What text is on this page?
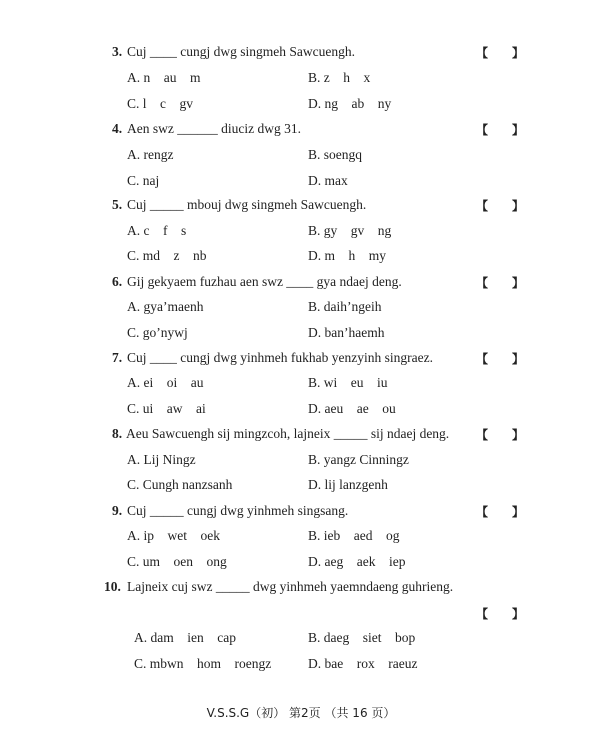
3. Cuj ____ cungj dwg singmeh Sawcuengh.	【　　】
A. n    au    m	B. z    h    x
C. l    c    gv	D. ng    ab    ny
4. Aen swz ______ diuciz dwg 31.	【　　】
A. rengz	B. soengq
C. naj	D. max
5. Cuj _____ mbouj dwg singmeh Sawcuengh.	【　　】
A. c    f    s	B. gy    gv    ng
C. md    z    nb	D. m    h    my
6. Gij gekyaem fuzhau aen swz ____ gya ndaej deng.	【　　】
A. gya’maenh	B. daih’ngeih
C. go’nywj	D. ban’haemh
7. Cuj ____ cungj dwg yinhmeh fukhab yenzyinh singraez.	【　　】
A. ei    oi    au	B. wi    eu    iu
C. ui    aw    ai	D. aeu    ae    ou
8. Aeu Sawcuengh sij mingzcoh, lajneix _____ sij ndaej deng. 【　　】
A. Lij Ningz	B. yangz Cinningz
C. Cungh nanzsanh	D. lij lanzgenh
9. Cuj _____ cungj dwg yinhmeh singsang.	【　　】
A. ip    wet    oek	B. ieb    aed    og
C. um    oen    ong	D. aeg    aek    iep
10. Lajneix cuj swz _____ dwg yinhmeh yaemndaeng guhrieng.
【　　】
A. dam    ien    cap	B. daeg    siet    bop
C. mbwn    hom    roengz	D. bae    rox    raeuz
V.S.S.G（初） 第2页 （共 16 页）
